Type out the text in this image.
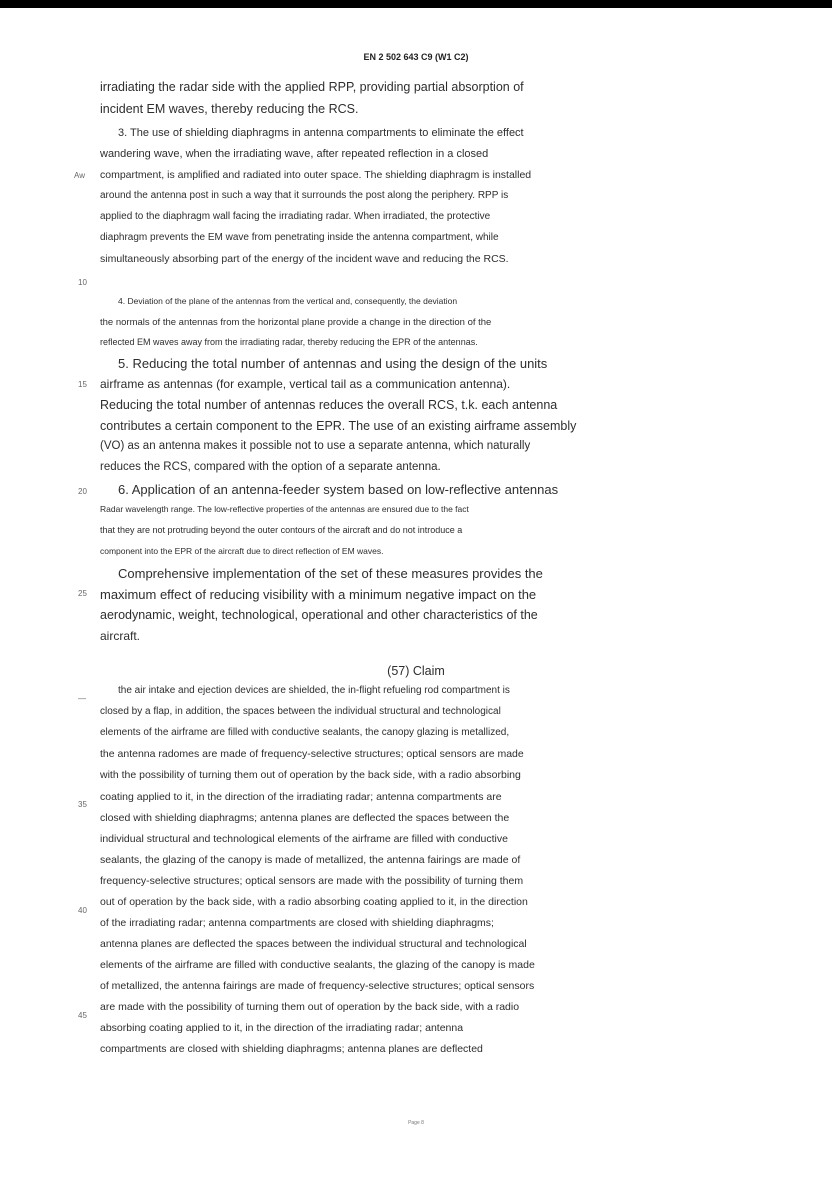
EN 2 502 643 C9 (W1 C2)
Aw
10
15
20
25
—
35
40
45
irradiating the radar side with the applied RPP, providing partial absorption of
incident EM waves, thereby reducing the RCS.
3. The use of shielding diaphragms in antenna compartments to eliminate the effect
wandering wave, when the irradiating wave, after repeated reflection in a closed
compartment, is amplified and radiated into outer space. The shielding diaphragm is installed
around the antenna post in such a way that it surrounds the post along the periphery. RPP is
applied to the diaphragm wall facing the irradiating radar. When irradiated, the protective
diaphragm prevents the EM wave from penetrating inside the antenna compartment, while
simultaneously absorbing part of the energy of the incident wave and reducing the RCS.
4. Deviation of the plane of the antennas from the vertical and, consequently, the deviation
the normals of the antennas from the horizontal plane provide a change in the direction of the
reflected EM waves away from the irradiating radar, thereby reducing the EPR of the antennas.
5. Reducing the total number of antennas and using the design of the units
airframe as antennas (for example, vertical tail as a communication antenna).
Reducing the total number of antennas reduces the overall RCS, t.k. each antenna
contributes a certain component to the EPR. The use of an existing airframe assembly
(VO) as an antenna makes it possible not to use a separate antenna, which naturally
reduces the RCS, compared with the option of a separate antenna.
6. Application of an antenna-feeder system based on low-reflective antennas
Radar wavelength range. The low-reflective properties of the antennas are ensured due to the fact
that they are not protruding beyond the outer contours of the aircraft and do not introduce a
component into the EPR of the aircraft due to direct reflection of EM waves.
Comprehensive implementation of the set of these measures provides the
maximum effect of reducing visibility with a minimum negative impact on the
aerodynamic, weight, technological, operational and other characteristics of the
aircraft.
(57) Claim
the air intake and ejection devices are shielded, the in-flight refueling rod compartment is
closed by a flap, in addition, the spaces between the individual structural and technological
elements of the airframe are filled with conductive sealants, the canopy glazing is metallized,
the antenna radomes are made of frequency-selective structures; optical sensors are made
with the possibility of turning them out of operation by the back side, with a radio absorbing
coating applied to it, in the direction of the irradiating radar; antenna compartments are
closed with shielding diaphragms; antenna planes are deflected the spaces between the
individual structural and technological elements of the airframe are filled with conductive
sealants, the glazing of the canopy is made of metallized, the antenna fairings are made of
frequency-selective structures; optical sensors are made with the possibility of turning them
out of operation by the back side, with a radio absorbing coating applied to it, in the direction
of the irradiating radar; antenna compartments are closed with shielding diaphragms;
antenna planes are deflected the spaces between the individual structural and technological
elements of the airframe are filled with conductive sealants, the glazing of the canopy is made
of metallized, the antenna fairings are made of frequency-selective structures; optical sensors
are made with the possibility of turning them out of operation by the back side, with a radio
absorbing coating applied to it, in the direction of the irradiating radar; antenna
compartments are closed with shielding diaphragms; antenna planes are deflected
Page 8
